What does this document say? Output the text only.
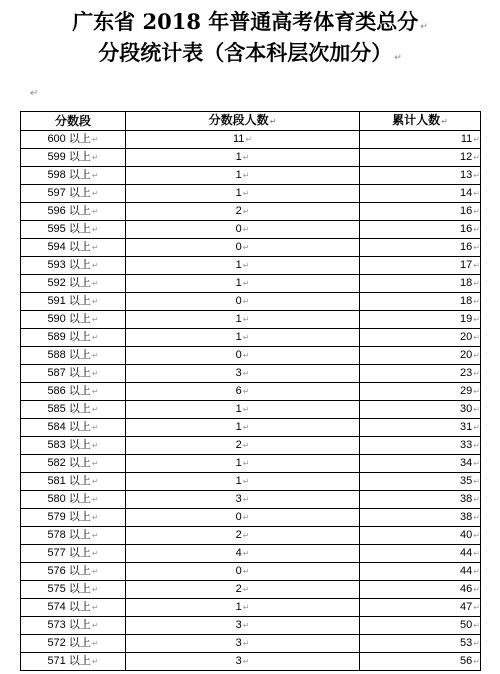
广东省 2018 年普通高考体育类总分 ↵
分段统计表（含本科层次加分） ↵
↵
分数段	分数段人数↵	累计人数↵
600 以上↵	11↵	11↵
599 以上↵	1↵	12↵
598 以上↵	1↵	13↵
597 以上↵	1↵	14↵
596 以上↵	2↵	16↵
595 以上↵	0↵	16↵
594 以上↵	0↵	16↵
593 以上↵	1↵	17↵
592 以上↵	1↵	18↵
591 以上↵	0↵	18↵
590 以上↵	1↵	19↵
589 以上↵	1↵	20↵
588 以上↵	0↵	20↵
587 以上↵	3↵	23↵
586 以上↵	6↵	29↵
585 以上↵	1↵	30↵
584 以上↵	1↵	31↵
583 以上↵	2↵	33↵
582 以上↵	1↵	34↵
581 以上↵	1↵	35↵
580 以上↵	3↵	38↵
579 以上↵	0↵	38↵
578 以上↵	2↵	40↵
577 以上↵	4↵	44↵
576 以上↵	0↵	44↵
575 以上↵	2↵	46↵
574 以上↵	1↵	47↵
573 以上↵	3↵	50↵
572 以上↵	3↵	53↵
571 以上↵	3↵	56↵
·
·
·
·
·
·
·
·
·
·
·
·
·
·
·
·
·
·
·
·
·
·
·
·
·
·
·
·
·
·
·
